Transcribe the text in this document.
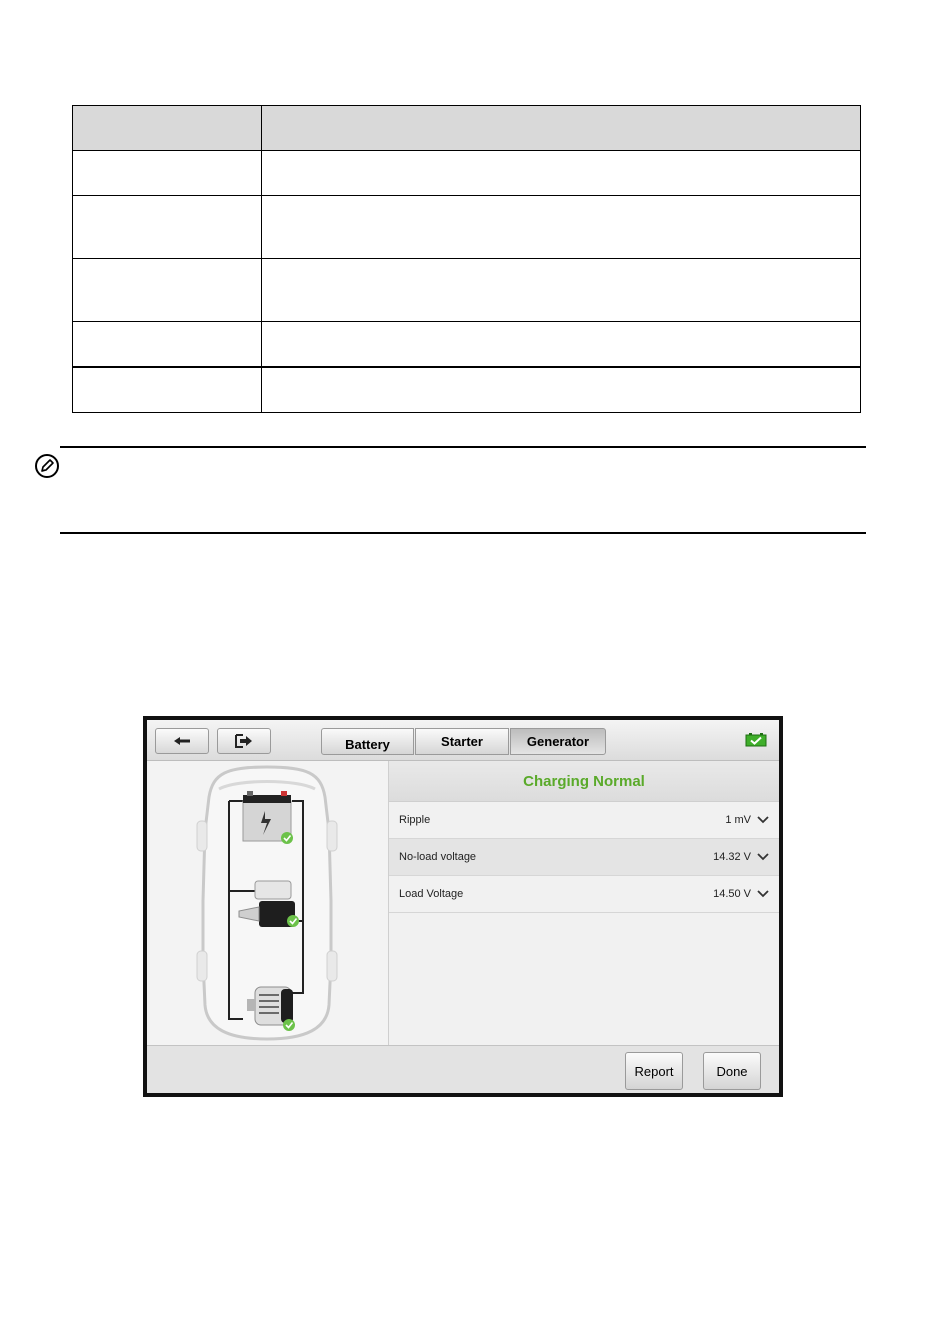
Battery	Starter	Generator
Charging Normal
Ripple	1 mV
No-load voltage	14.32 V
Load Voltage	14.50 V
Report	Done
